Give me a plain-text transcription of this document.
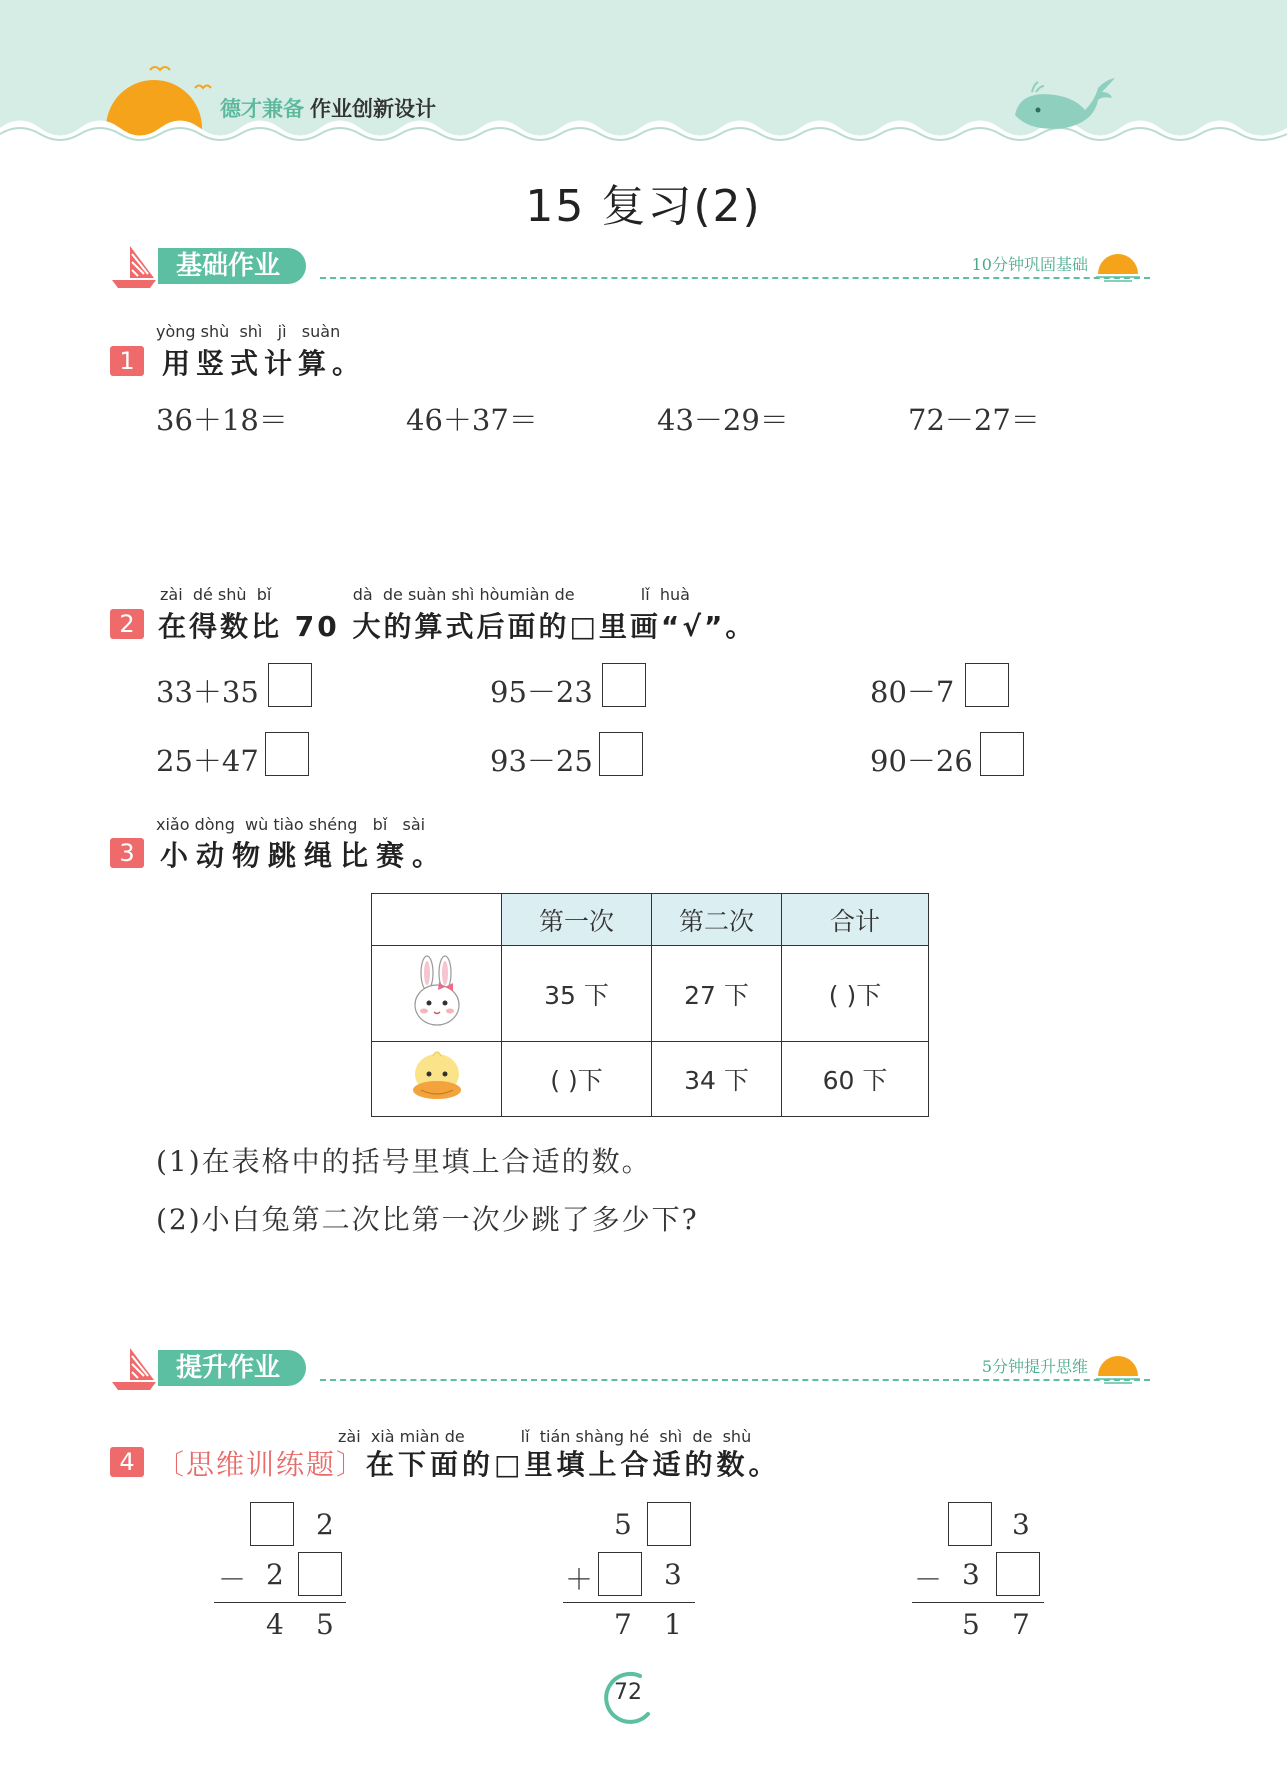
德才兼备 作业创新设计
15 复习(2)
基础作业	10分钟巩固基础
yòng shù shì jì suàn
1 用竖式计算。
36＋18＝	46＋37＝	43－29＝	72－27＝
zài dé shù bǐ	dà de suàn shì hòumiàn de	lǐ huà
2 在得数比 70 大的算式后面的□里画“√”。
33＋35	95－23	80－7
25＋47	93－25	90－26
xiǎo dòng wù tiào shéng bǐ sài
3 小动物跳绳比赛。
	第一次	第二次	合计
	35 下	27 下	( )下
	( )下	34 下	60 下
(1)在表格中的括号里填上合适的数。
(2)小白兔第二次比第一次少跳了多少下?
提升作业	5分钟提升思维
zài xià miàn de	lǐ tián shàng hé shì de shù
4 〔思维训练题〕在下面的□里填上合适的数。
2
－ 2
4 5
5
＋	3
7 1
3
－ 3
5 7
72
